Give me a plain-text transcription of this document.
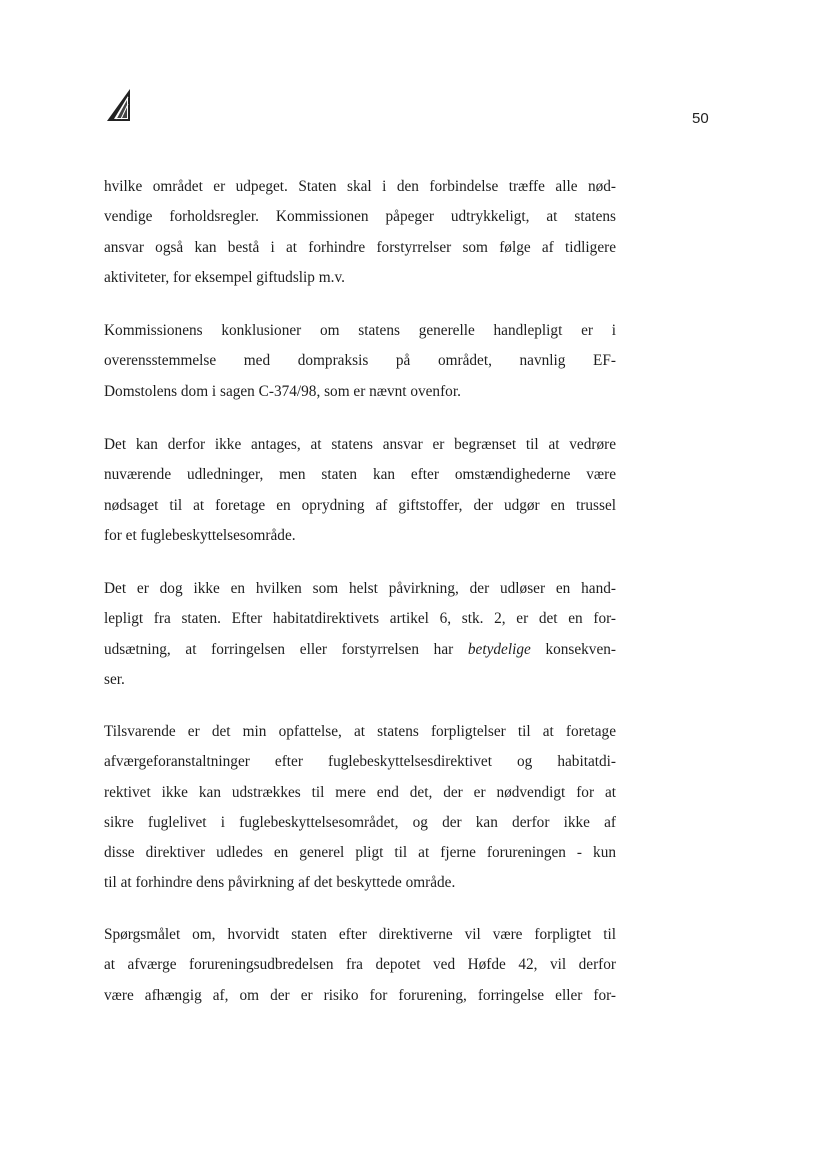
50
hvilke området er udpeget. Staten skal i den forbindelse træffe alle nød-
vendige forholdsregler. Kommissionen påpeger udtrykkeligt, at statens
ansvar også kan bestå i at forhindre forstyrrelser som følge af tidligere
aktiviteter, for eksempel giftudslip m.v.
Kommissionens konklusioner om statens generelle handlepligt er i
overensstemmelse med dompraksis på området, navnlig EF-
Domstolens dom i sagen C-374/98, som er nævnt ovenfor.
Det kan derfor ikke antages, at statens ansvar er begrænset til at vedrøre
nuværende udledninger, men staten kan efter omstændighederne være
nødsaget til at foretage en oprydning af giftstoffer, der udgør en trussel
for et fuglebeskyttelsesområde.
Det er dog ikke en hvilken som helst påvirkning, der udløser en hand-
lepligt fra staten. Efter habitatdirektivets artikel 6, stk. 2, er det en for-
udsætning, at forringelsen eller forstyrrelsen har betydelige konsekven-
ser.
Tilsvarende er det min opfattelse, at statens forpligtelser til at foretage
afværgeforanstaltninger efter fuglebeskyttelsesdirektivet og habitatdi-
rektivet ikke kan udstrækkes til mere end det, der er nødvendigt for at
sikre fuglelivet i fuglebeskyttelsesområdet, og der kan derfor ikke af
disse direktiver udledes en generel pligt til at fjerne forureningen - kun
til at forhindre dens påvirkning af det beskyttede område.
Spørgsmålet om, hvorvidt staten efter direktiverne vil være forpligtet til
at afværge forureningsudbredelsen fra depotet ved Høfde 42, vil derfor
være afhængig af, om der er risiko for forurening, forringelse eller for-
